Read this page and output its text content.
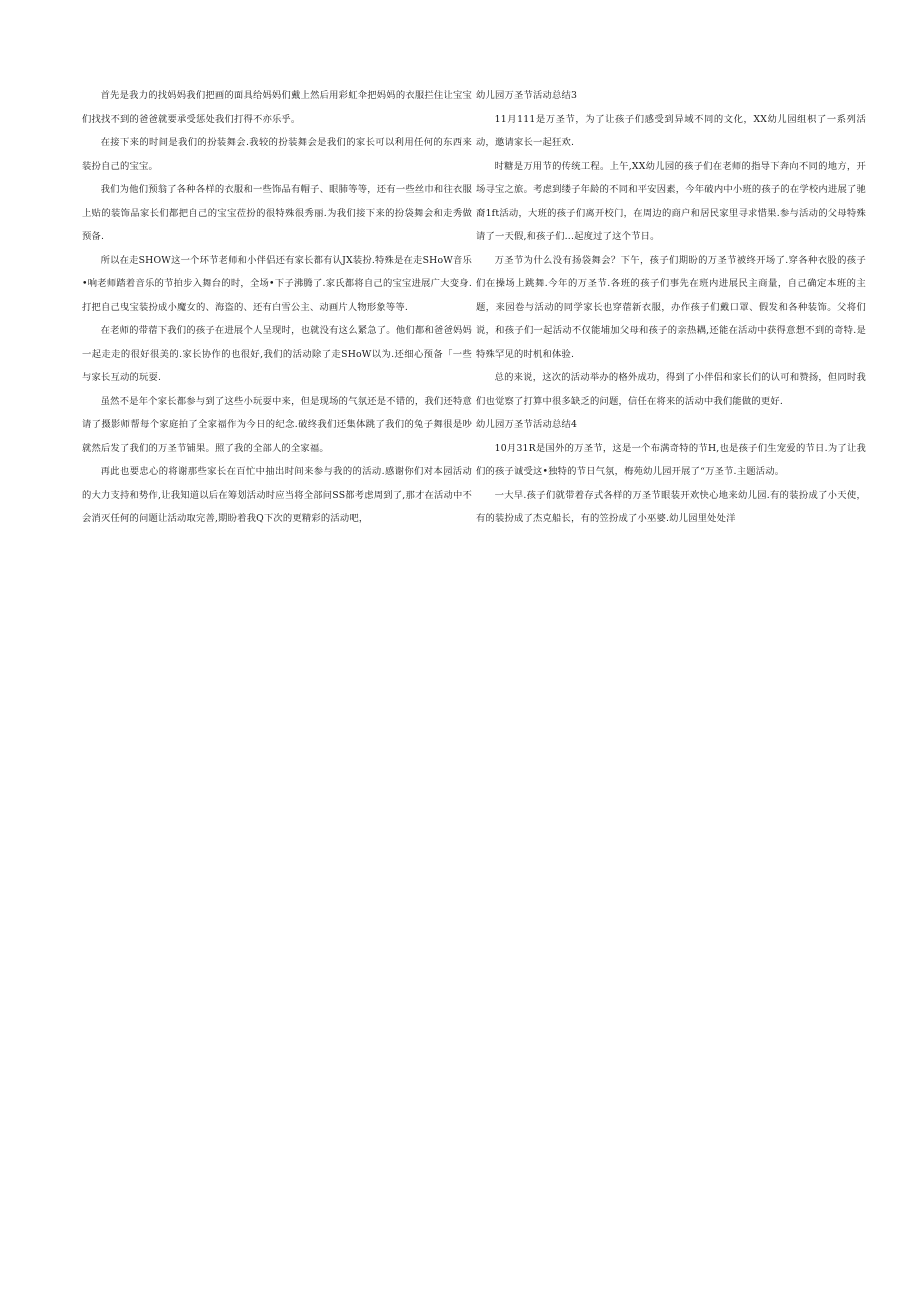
首先是我力的找妈妈我们把画的面具给妈妈们戴上然后用彩虹伞把妈妈的衣服拦住让宝宝们找找不到的爸爸就要承受惩处我们打得不亦乐乎。

在接下来的时间是我们的扮装舞会.我较的扮装舞会是我们的家长可以利用任何的东西来装扮自己的宝宝。

我们为他们预翁了各种各样的衣服和一些饰品有帽子、眼肺等等，还有一些丝巾和往衣服上贴的装饰品家长们都把自己的宝宝莅扮的很特殊很秀丽.为我们接下来的扮袋舞会和走秀做预备.

所以在走SHOW这一个环节老师和小伴侣还有家长都有认JX装扮.特殊是在走SHoW音乐•响老师踏着音乐的节拍步入舞台的时，全场•下子沸腾了.家氏都将自己的宝宝进展广大变身.打把自己曳宝装扮成小魔女的、海盗的、还有白雪公主、动画片人物形象等等.

在老师的带蓿下我们的孩子在进展个人呈现时，也就没有这么紧急了。他们都和爸爸妈妈一起走走的很好很美的.家长协作的也很好,我们的活动除了走SHoW以为.还细心预备「一些与家长互动的玩耍.

虽然不是年个家长都参与到了这些小玩耍中来，但是现场的气氛还是不错的，我们还特意请了摄影师帮每个家庭拍了全家福作为今日的纪念.破终我们还集体跳了我们的兔子舞很是吵就然后发了我们的万圣节铺果。照了我的全部人的全家福。

再此也要忠心的将谢那些家长在百忙中抽出时间来参与我的的活动.感谢你们对本园活动的大力支持和势作,让我知道以后在筹划活动时应当将全部问SS都考虑周到了,那才在活动中不会消灭任何的问题让活动取完善,期盼着我Q下次的更精彩的活动吧，

幼儿园万圣节活动总结3

11月111是万圣节，为了让孩子们感受到异域不同的文化，XX幼儿园组枳了一系列活动，邀请家长一起狂欢.

时糖是万用节的传统工程。上午,XX幼儿园的孩子们在老师的指导下奔向不同的地方，开场寻宝之旅。考虑到缕子年龄的不同和平安因素，今年破内中小班的孩子的在学校内进展了驰裔1ft活动，大班的孩子们离开校门，在周边的商户和居民家里寻求惜果.参与活动的父母特殊请了一天假,和孩子们...起度过了这个节日。

万圣节为什么没有扬袋舞会？下午，孩子们期盼的万圣节被终开场了.穿各种衣股的孩子们在操场上跳舞.今年的万圣节.各班的孩子们事先在班内进展民主商量，自己确定本班的主题，来园卷与活动的同学家长也穿蓿新衣服，办作孩子们戴口罩、假发和各种装饰。父将们说，和孩子们一起活动不仅能埔加父母和孩子的亲热耦,还能在活动中获得意想不到的奇特.是特殊罕见的时机和体验.

总的来说，这次的活动举办的格外成功，得到了小伴侣和家长们的认可和赞扬，但同时我们也觉察了打算中很多缺乏的问题，信任在将来的活动中我们能做的更好.

幼儿园万圣节活动总结4

10月31R是国外的万圣节，这是一个布满奇特的节H,也是孩子们生宠爱的节日.为了让我们的孩子诚受这•独特的节日气氛，梅苑幼儿园开展了“万圣节.主题活动。

一大早.孩子们就带着存式各样的万圣节眼装开欢快心地来幼儿园.有的装扮成了小天使，有的装扮成了杰克船长，有的笠扮成了小巫婆.幼儿园里处处洋
